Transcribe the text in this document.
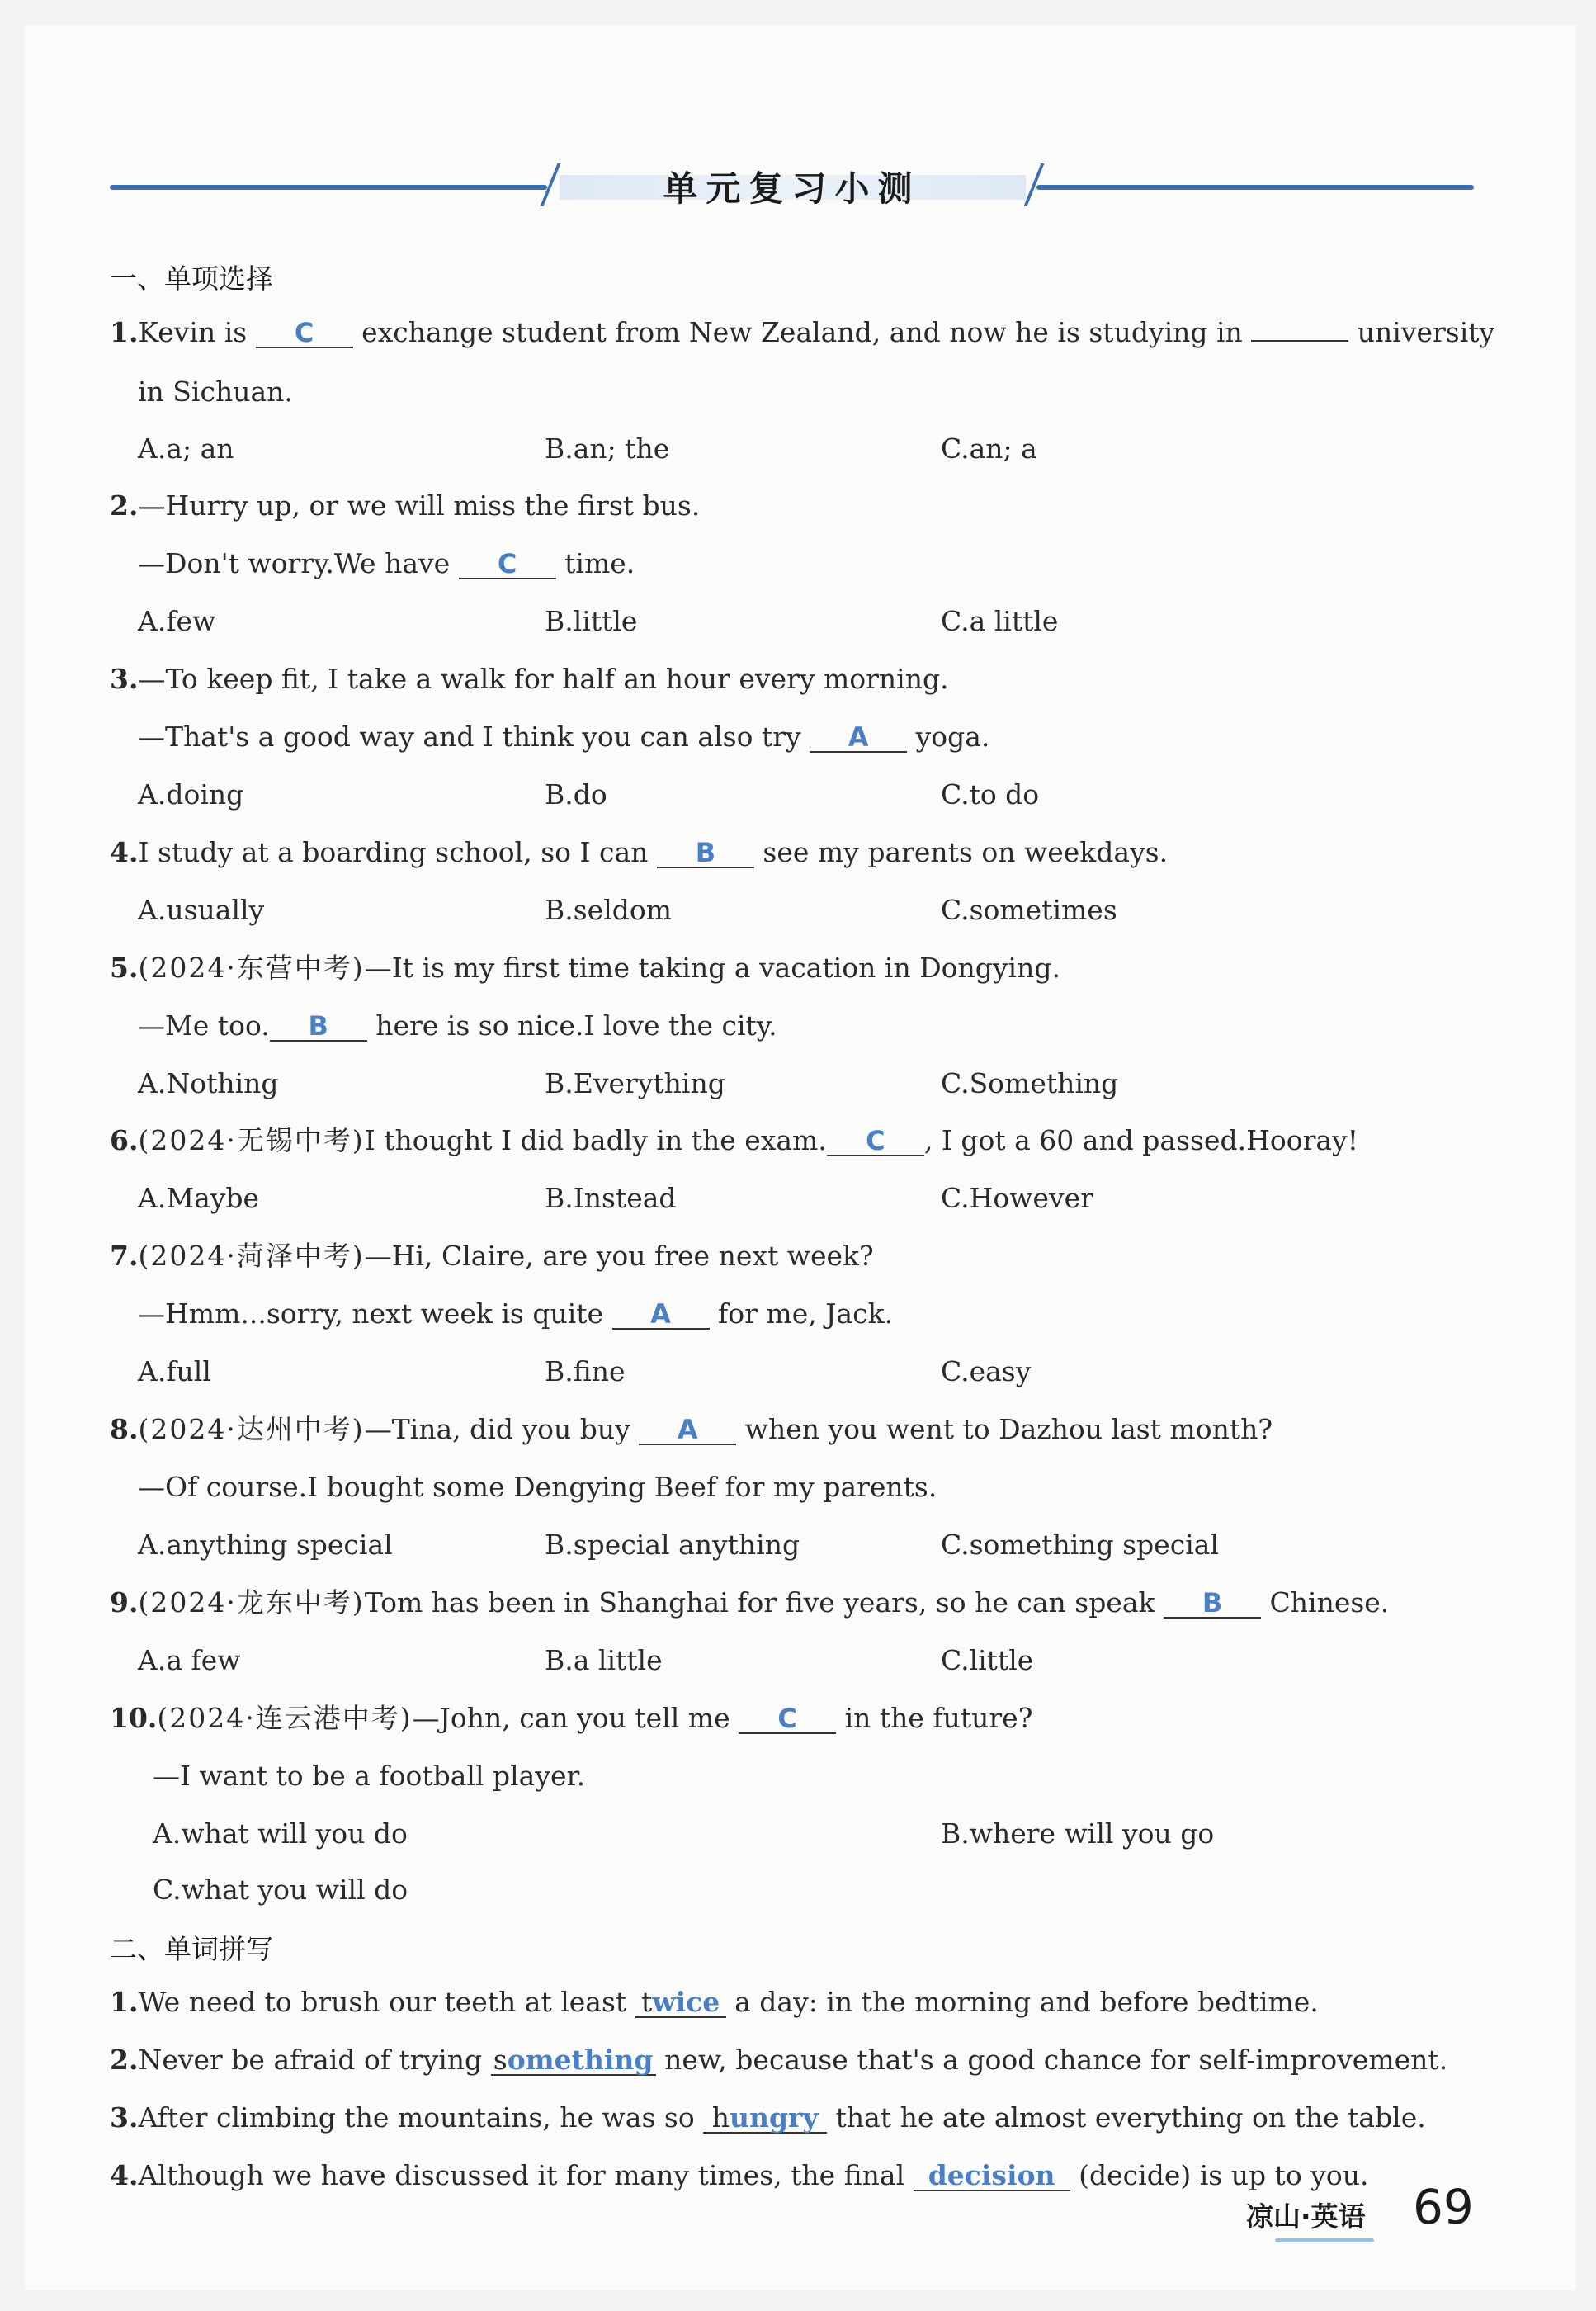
单元复习小测
一、单项选择
1.Kevin is C exchange student from New Zealand, and now he is studying in	university
in Sichuan.
A.a; an	B.an; the	C.an; a
2.—Hurry up, or we will miss the first bus.
—Don't worry.We have C time.
A.few	B.little	C.a little
3.—To keep fit, I take a walk for half an hour every morning.
—That's a good way and I think you can also try A yoga.
A.doing	B.do	C.to do
4.I study at a boarding school, so I can B see my parents on weekdays.
A.usually	B.seldom	C.sometimes
5.(2024·东营中考)—It is my first time taking a vacation in Dongying.
—Me too. B here is so nice.I love the city.
A.Nothing	B.Everything	C.Something
6.(2024·无锡中考)I thought I did badly in the exam. C , I got a 60 and passed.Hooray!
A.Maybe	B.Instead	C.However
7.(2024·菏泽中考)—Hi, Claire, are you free next week?
—Hmm...sorry, next week is quite A for me, Jack.
A.full	B.fine	C.easy
8.(2024·达州中考)—Tina, did you buy A when you went to Dazhou last month?
—Of course.I bought some Dengying Beef for my parents.
A.anything special	B.special anything	C.something special
9.(2024·龙东中考)Tom has been in Shanghai for five years, so he can speak B Chinese.
A.a few	B.a little	C.little
10.(2024·连云港中考)—John, can you tell me C in the future?
—I want to be a football player.
A.what will you do	B.where will you go
C.what you will do
二、单词拼写
1.We need to brush our teeth at least twice a day: in the morning and before bedtime.
2.Never be afraid of trying something new, because that's a good chance for self-improvement.
3.After climbing the mountains, he was so hungry that he ate almost everything on the table.
4.Although we have discussed it for many times, the final decision (decide) is up to you.
凉山·英语 69
